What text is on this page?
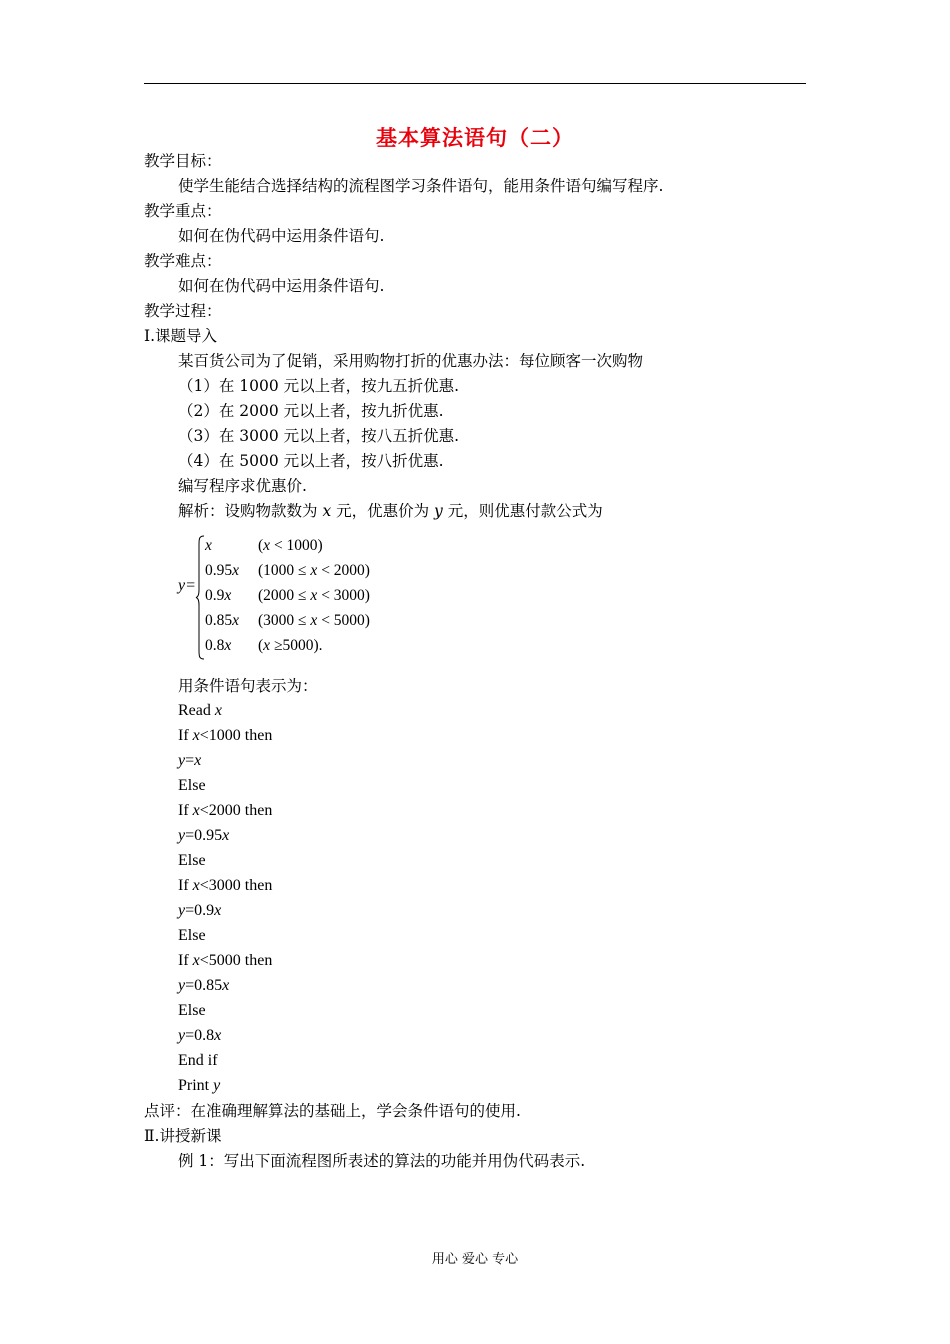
基本算法语句（二）
教学目标：
使学生能结合选择结构的流程图学习条件语句，能用条件语句编写程序.
教学重点：
如何在伪代码中运用条件语句.
教学难点：
如何在伪代码中运用条件语句.
教学过程：
Ⅰ.课题导入
某百货公司为了促销，采用购物打折的优惠办法：每位顾客一次购物
（1）在 1000 元以上者，按九五折优惠.
（2）在 2000 元以上者，按九折优惠.
（3）在 3000 元以上者，按八五折优惠.
（4）在 5000 元以上者，按八折优惠.
编写程序求优惠价.
解析：设购物款数为 x 元，优惠价为 y 元，则优惠付款公式为
y=
x	(x < 1000)
0.95x (1000 ≤ x < 2000)
0.9x (2000 ≤ x < 3000)
0.85x (3000 ≤ x < 5000)
0.8x (x ≥5000).
用条件语句表示为：
Read x
If x<1000 then
y=x
Else
If x<2000 then
y=0.95x
Else
If x<3000 then
y=0.9x
Else
If x<5000 then
y=0.85x
Else
y=0.8x
End if
Print y
点评：在准确理解算法的基础上，学会条件语句的使用.
Ⅱ.讲授新课
例 1：写出下面流程图所表述的算法的功能并用伪代码表示.
用心 爱心 专心
